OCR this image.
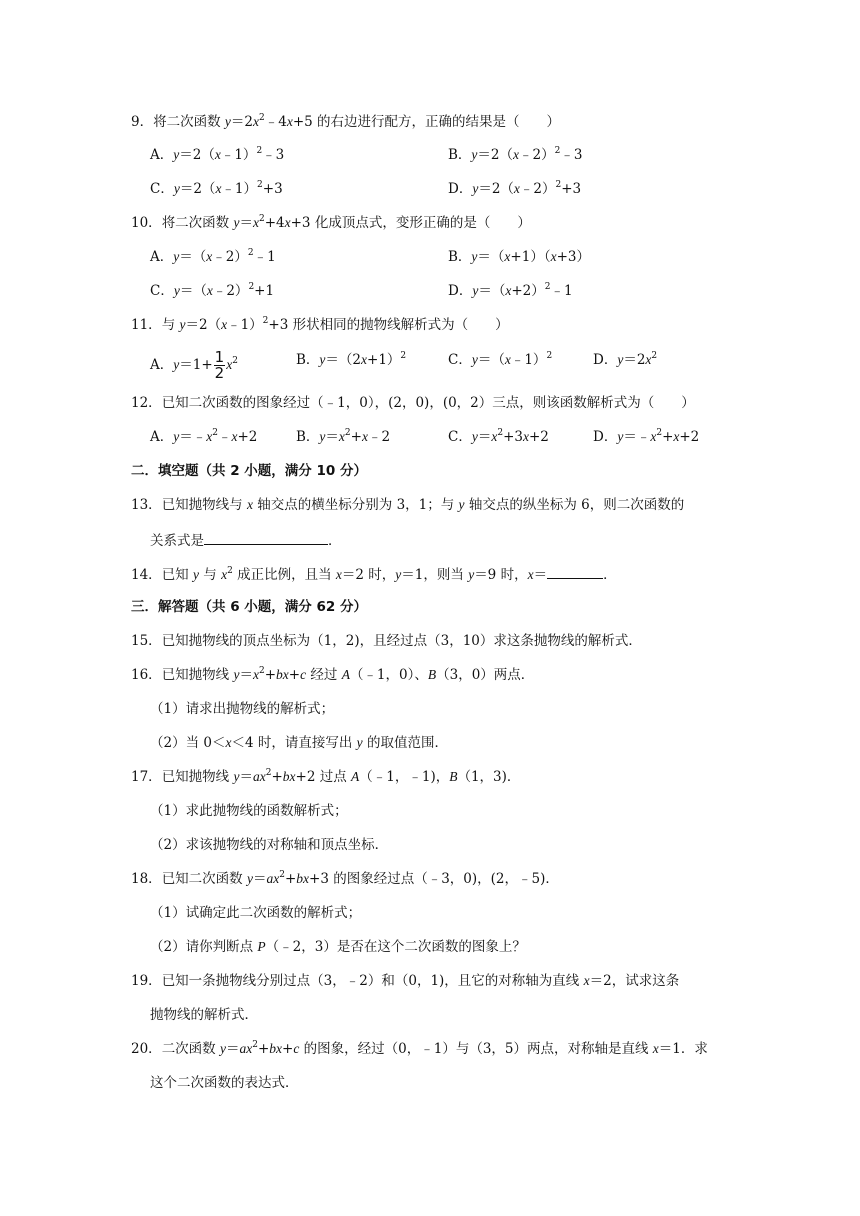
9．将二次函数 $y=2x^2﹣4x+5$ 的右边进行配方，正确的结果是（　　）
A．y＝2（x﹣1）$^2$﹣3	B．y＝2（x﹣2）$^2$﹣3
C．y＝2（x﹣1）$^2$+3	D．y＝2（x﹣2）$^2$+3
10．将二次函数 $y=x^2+4x+3$ 化成顶点式，变形正确的是（　　）
A．y＝（x﹣2）$^2$﹣1	B．y＝（x+1）（x+3）
C．y＝（x﹣2）$^2$+1	D．$y=(x+2)^2﹣1$
11．与 y＝2（x﹣1）$^2$+3 形状相同的抛物线解析式为（　　）
A．$y=1+ \frac{1}{2} x^2$	B．$y=(2x+1)^2$	C．y＝（x﹣1）$^2$	D．$y=2x^2$
12．已知二次函数的图象经过（﹣1，0），(2，0)，(0，2）三点，则该函数解析式为（　　）
A．$y=﹣x^2﹣x+2$	B．$y=x^2+x﹣2$	C．$y=x^2+3x+2$	D．$y=﹣x^2+x+2$
二．填空题（共 2 小题，满分 10 分）
13．已知抛物线与 x 轴交点的横坐标分别为 3，1；与 y 轴交点的纵坐标为 6，则二次函数的
关系式是	．
14．已知 y 与 $x^2$ 成正比例，且当 x＝2 时，y＝1，则当 y＝9 时，x＝	．
三．解答题（共 6 小题，满分 62 分）
15．已知抛物线的顶点坐标为（1，2)，且经过点（3，10）求这条抛物线的解析式．
16．已知抛物线 $y=x^2+bx+c$ 经过 A（﹣1，0）、B（3，0）两点．
（1）请求出抛物线的解析式；
（2）当 0＜x＜4 时，请直接写出 y 的取值范围．
17．已知抛物线 $y=ax^2+bx+2$ 过点 A（﹣1，﹣1)，B（1，3)．
（1）求此抛物线的函数解析式；
（2）求该抛物线的对称轴和顶点坐标．
18．已知二次函数 $y=ax^2+bx+3$ 的图象经过点（﹣3，0)，(2，﹣5)．
（1）试确定此二次函数的解析式；
（2）请你判断点 P（﹣2，3）是否在这个二次函数的图象上？
19．已知一条抛物线分别过点（3，﹣2）和（0，1)，且它的对称轴为直线 x＝2，试求这条
抛物线的解析式．
20．二次函数 $y=ax^2+bx+c$ 的图象，经过（0，﹣1）与（3，5）两点，对称轴是直线 x＝1．求
这个二次函数的表达式．
